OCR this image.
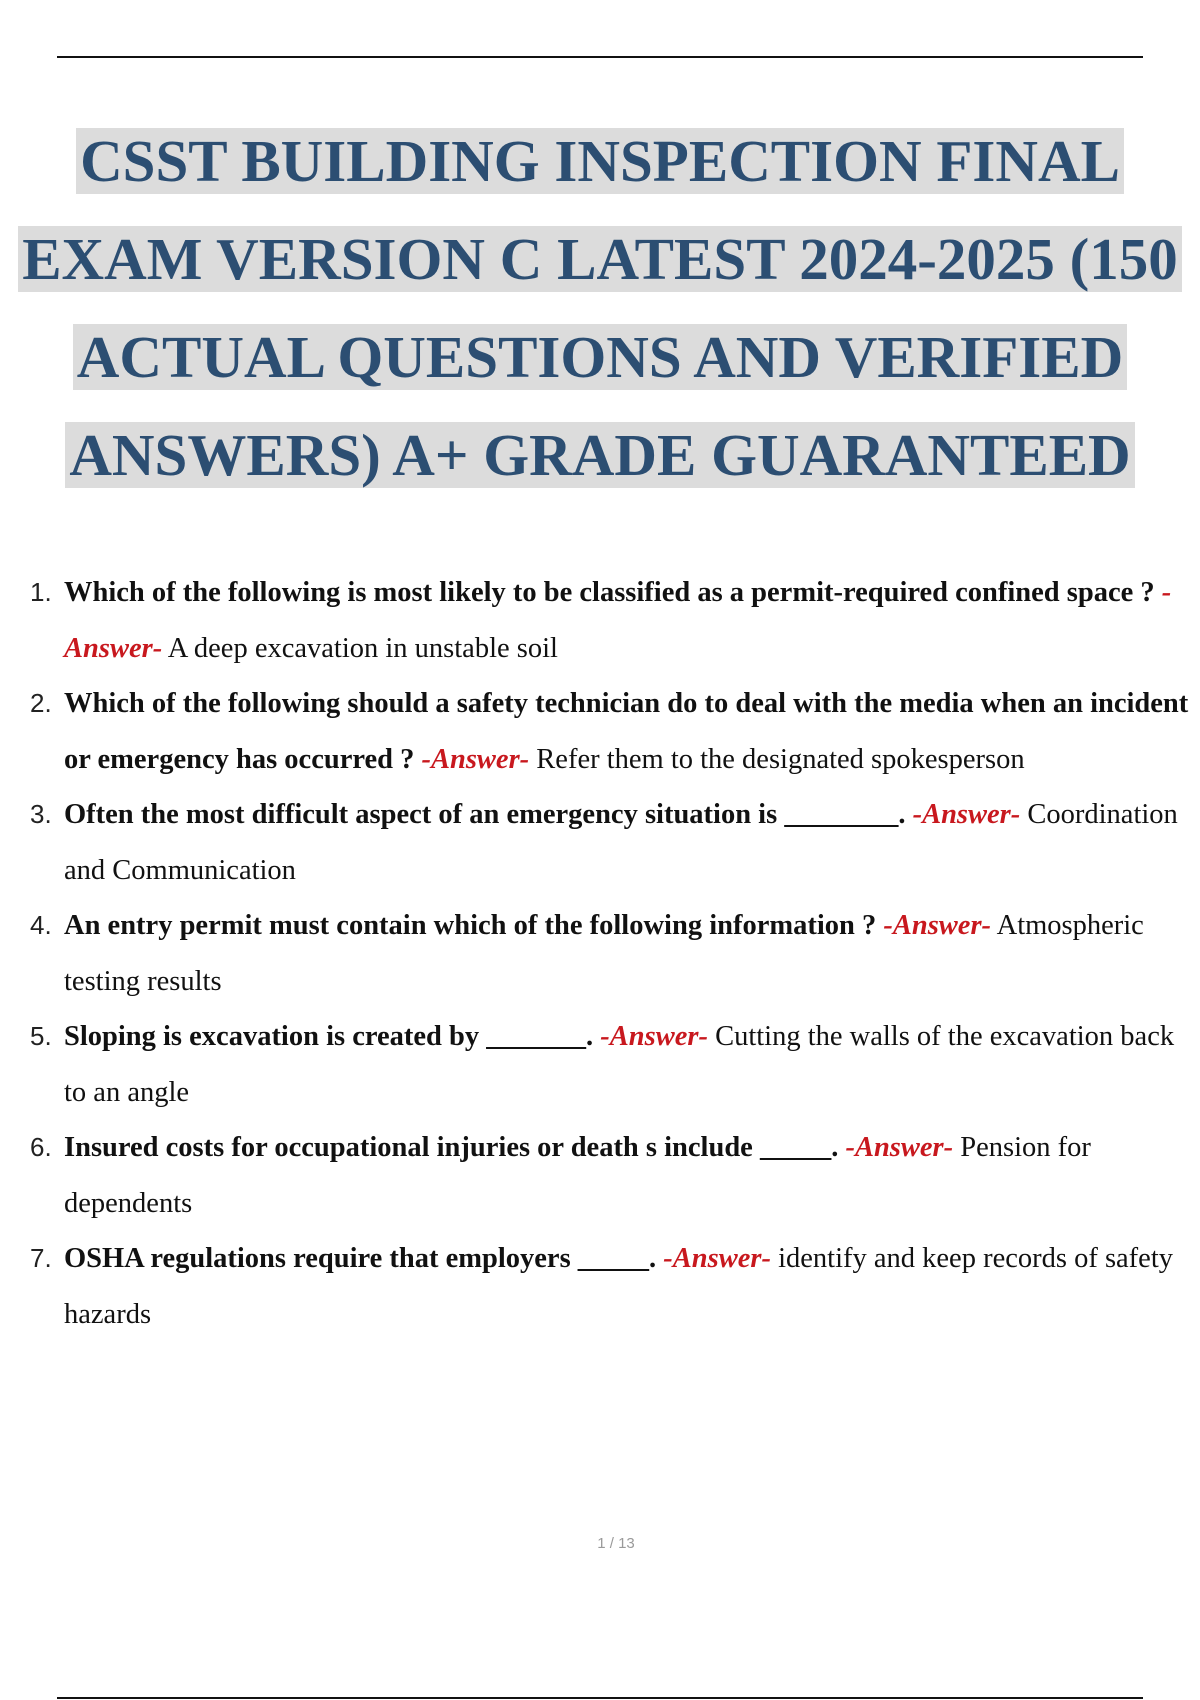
CSST BUILDING INSPECTION FINAL
EXAM VERSION C LATEST 2024-2025 (150
ACTUAL QUESTIONS AND VERIFIED
ANSWERS) A+ GRADE GUARANTEED
1. Which of the following is most likely to be classified as a permit-required confined space ? -Answer- A deep excavation in unstable soil
2. Which of the following should a safety technician do to deal with the media when an incident or emergency has occurred ? -Answer- Refer them to the designated spokesperson
3. Often the most difficult aspect of an emergency situation is ________. -Answer- Coordination and Communication
4. An entry permit must contain which of the following information ? -Answer- Atmospheric testing results
5. Sloping is excavation is created by _______. -Answer- Cutting the walls of the excavation back to an angle
6. Insured costs for occupational injuries or death s include _____. -Answer- Pension for dependents
7. OSHA regulations require that employers _____. -Answer- identify and keep records of safety hazards
1 / 13
